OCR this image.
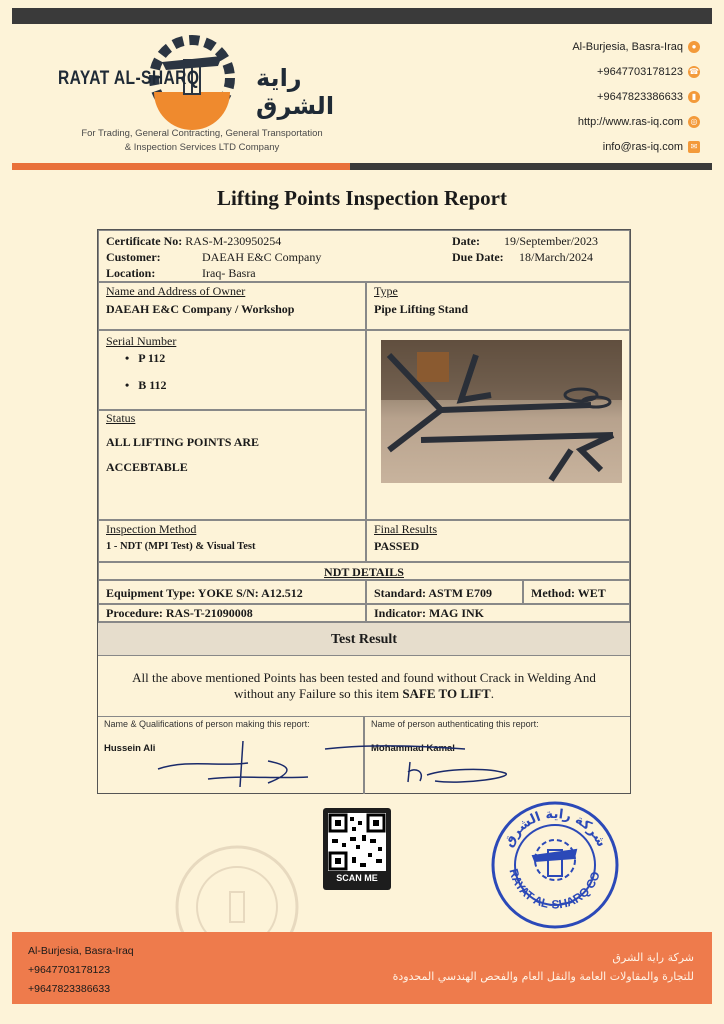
RAYAT AL-SHARQ راية الشرق
For Trading, General Contracting, General Transportation
& Inspection Services LTD Company
Al-Burjesia, Basra-Iraq	●
+9647703178123 ☎
+9647823386633	▮
http://www.ras-iq.com ◎
info@ras-iq.com ✉
Lifting Points Inspection Report
Certificate No: RAS-M-230950254
Customer:	DAEAH E&C Company
Location:	Iraq- Basra
Date: 19/September/2023
Due Date: 18/March/2024
Name and Address of Owner
DAEAH E&C Company / Workshop
Type
Pipe Lifting Stand
Serial Number
•   P 112
•   B 112
Status
ALL LIFTING POINTS ARE
ACCEBTABLE
Inspection Method
1 - NDT (MPI Test) & Visual Test
Final Results
PASSED
NDT DETAILS
Equipment Type: YOKE S/N: A12.512	Standard: ASTM E709	Method: WET
Procedure: RAS-T-21090008	Indicator: MAG INK
Test Result
All the above mentioned Points has been tested and found without Crack in Welding And
without any Failure so this item SAFE TO LIFT.
Name & Qualifications of person making this report:
Hussein Ali
Name of person authenticating this report:
Mohammad Kamal
SCAN ME
شركة راية الشرق
RAYAT AL-SHARQ CO
Al-Burjesia, Basra-Iraq
+9647703178123
+9647823386633
شركة راية الشرق
للتجارة والمقاولات العامة والنقل العام والفحص الهندسي المحدودة
